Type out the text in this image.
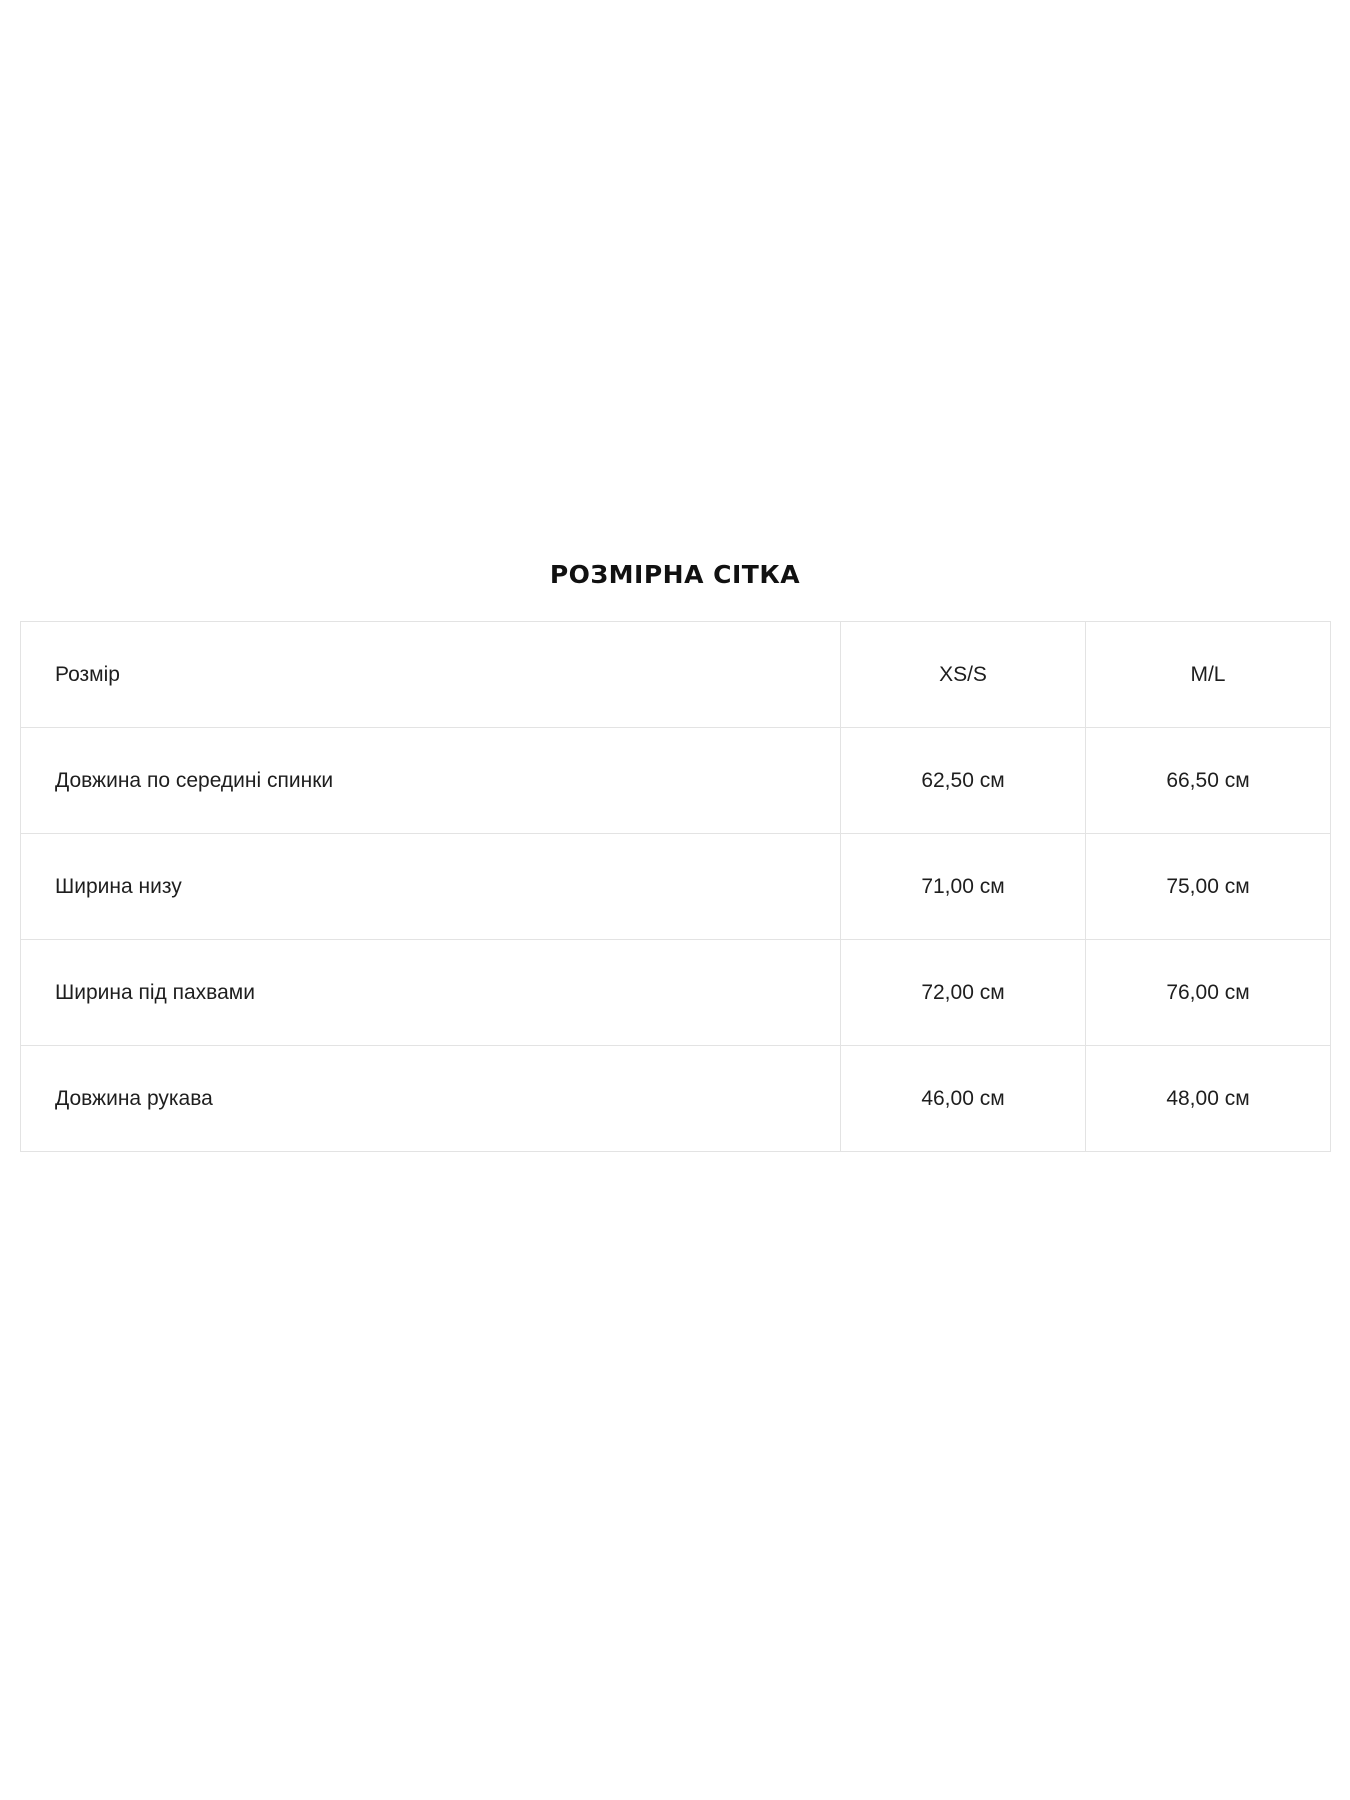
РОЗМІРНА СІТКА
Розмір	XS/S	M/L
Довжина по середині спинки	62,50 см	66,50 см
Ширина низу	71,00 см	75,00 см
Ширина під пахвами	72,00 см	76,00 см
Довжина рукава	46,00 см	48,00 см
